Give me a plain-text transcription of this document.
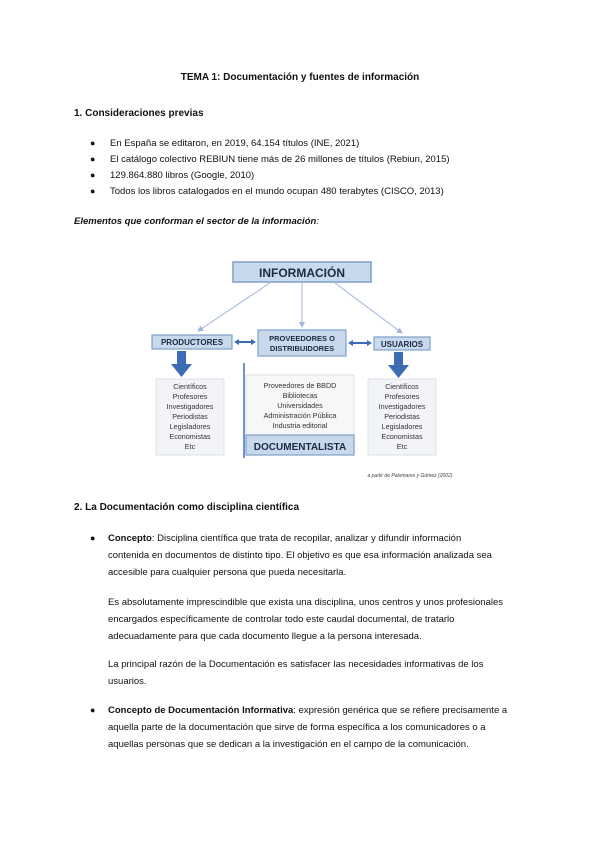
TEMA 1: Documentación y fuentes de información
1. Consideraciones previas
● En España se editaron, en 2019, 64.154 títulos (INE, 2021)
● El catálogo colectivo REBIUN tiene más de 26 millones de títulos (Rebiun, 2015)
● 129.864.880 libros (Google, 2010)
● Todos los libros catalogados en el mundo ocupan 480 terabytes (CISCO, 2013)
Elementos que conforman el sector de la información:
INFORMACIÓN
PRODUCTORES	PROVEEDORES O
DISTRIBUIDORES	USUARIOS
Científicos
Profesores
Investigadores
Periodistas
Legisladores
Economistas
Etc
Proveedores de BBDD
Bibliotecas
Universidades
Administración Pública
Industria editorial
DOCUMENTALISTA
Científicos
Profesores
Investigadores
Periodistas
Legisladores
Economistas
Etc
a partir de Palomares y Gómez (2002)
2. La Documentación como disciplina científica
● Concepto: Disciplina científica que trata de recopilar, analizar y difundir información
contenida en documentos de distinto tipo. El objetivo es que esa información analizada sea
accesible para cualquier persona que pueda necesitarla.
Es absolutamente imprescindible que exista una disciplina, unos centros y unos profesionales
encargados específicamente de controlar todo este caudal documental, de tratarlo
adecuadamente para que cada documento llegue a la persona interesada.
La principal razón de la Documentación es satisfacer las necesidades informativas de los
usuarios.
● Concepto de Documentación Informativa: expresión genérica que se refiere precisamente a
aquella parte de la documentación que sirve de forma específica a los comunicadores o a
aquellas personas que se dedican a la investigación en el campo de la comunicación.
